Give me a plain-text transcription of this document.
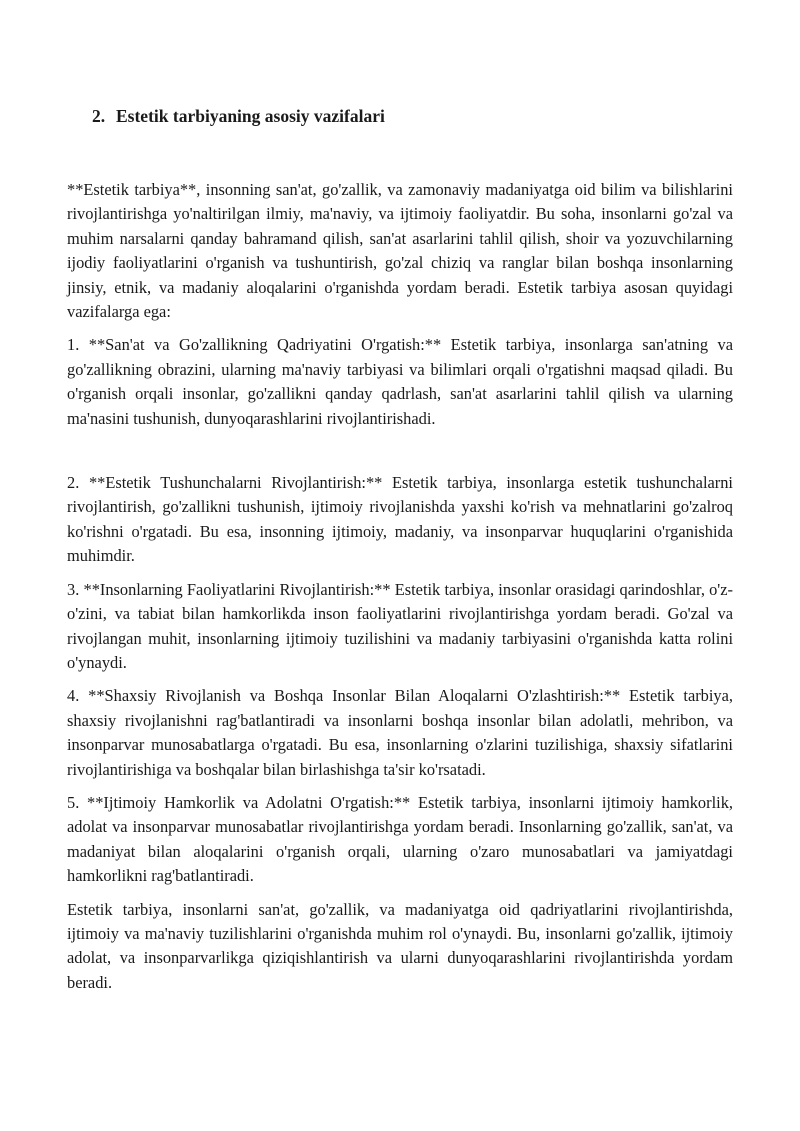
2. Estetik tarbiyaning asosiy vazifalari

**Estetik tarbiya**, insonning san'at, go'zallik, va zamonaviy madaniyatga oid bilim va bilishlarini rivojlantirishga yo'naltirilgan ilmiy, ma'naviy, va ijtimoiy faoliyatdir. Bu soha, insonlarni go'zal va muhim narsalarni qanday bahramand qilish, san'at asarlarini tahlil qilish, shoir va yozuvchilarning ijodiy faoliyatlarini o'rganish va tushuntirish, go'zal chiziq va ranglar bilan boshqa insonlarning jinsiy, etnik, va madaniy aloqalarini o'rganishda yordam beradi. Estetik tarbiya asosan quyidagi vazifalarga ega:

1. **San'at va Go'zallikning Qadriyatini O'rgatish:** Estetik tarbiya, insonlarga san'atning va go'zallikning obrazini, ularning ma'naviy tarbiyasi va bilimlari orqali o'rgatishni maqsad qiladi. Bu o'rganish orqali insonlar, go'zallikni qanday qadrlash, san'at asarlarini tahlil qilish va ularning ma'nasini tushunish, dunyoqarashlarini rivojlantirishadi.

2. **Estetik Tushunchalarni Rivojlantirish:** Estetik tarbiya, insonlarga estetik tushunchalarni rivojlantirish, go'zallikni tushunish, ijtimoiy rivojlanishda yaxshi ko'rish va mehnatlarini go'zalroq ko'rishni o'rgatadi. Bu esa, insonning ijtimoiy, madaniy, va insonparvar huquqlarini o'rganishida muhimdir.

3. **Insonlarning Faoliyatlarini Rivojlantirish:** Estetik tarbiya, insonlar orasidagi qarindoshlar, o'z-o'zini, va tabiat bilan hamkorlikda inson faoliyatlarini rivojlantirishga yordam beradi. Go'zal va rivojlangan muhit, insonlarning ijtimoiy tuzilishini va madaniy tarbiyasini o'rganishda katta rolini o'ynaydi.

4. **Shaxsiy Rivojlanish va Boshqa Insonlar Bilan Aloqalarni O'zlashtirish:** Estetik tarbiya, shaxsiy rivojlanishni rag'batlantiradi va insonlarni boshqa insonlar bilan adolatli, mehribon, va insonparvar munosabatlarga o'rgatadi. Bu esa, insonlarning o'zlarini tuzilishiga, shaxsiy sifatlarini rivojlantirishiga va boshqalar bilan birlashishga ta'sir ko'rsatadi.

5. **Ijtimoiy Hamkorlik va Adolatni O'rgatish:** Estetik tarbiya, insonlarni ijtimoiy hamkorlik, adolat va insonparvar munosabatlar rivojlantirishga yordam beradi. Insonlarning go'zallik, san'at, va madaniyat bilan aloqalarini o'rganish orqali, ularning o'zaro munosabatlari va jamiyatdagi hamkorlikni rag'batlantiradi.

Estetik tarbiya, insonlarni san'at, go'zallik, va madaniyatga oid qadriyatlarini rivojlantirishda, ijtimoiy va ma'naviy tuzilishlarini o'rganishda muhim rol o'ynaydi. Bu, insonlarni go'zallik, ijtimoiy adolat, va insonparvarlikga qiziqishlantirish va ularni dunyoqarashlarini rivojlantirishda yordam beradi.
